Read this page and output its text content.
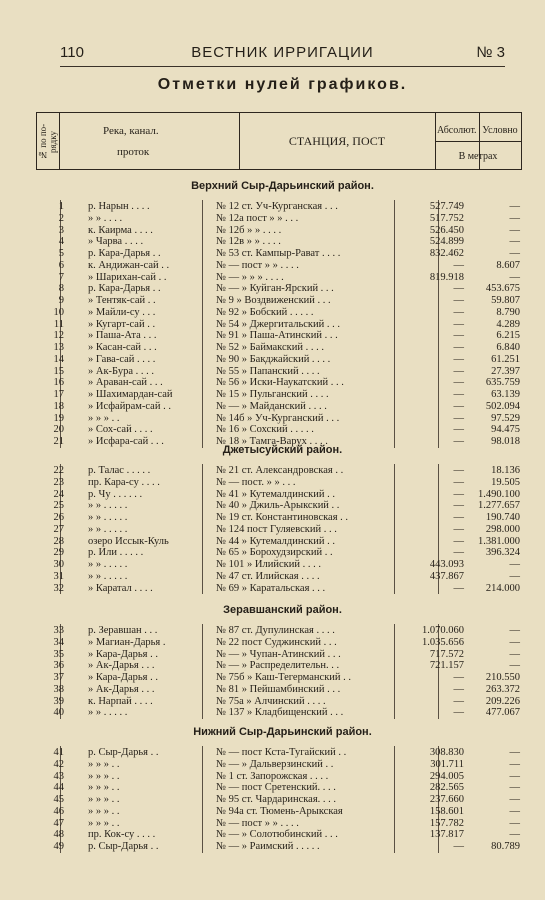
110	ВЕСТНИК ИРРИГАЦИИ	№ 3
Отметки нулей графиков.
№ по по- рядку
Река, канал.
проток
СТАНЦИЯ, ПОСТ
Абсолют. Условно
В метрах
Верхний Сыр-Дарьинский район.
1 р. Нарын . . . .	№ 12 ст. Уч-Курганская . . .	527.749	—
2 » » . . . .	№ 12а пост » » . . .	517.752	—
3 к. Каирма . . . .	№ 12б » » . . . .	526.450	—
4 » Чарва . . . .	№ 12в » » . . . .	524.899	—
5 р. Кара-Дарья . .	№ 53 ст. Кампыр-Рават . . . .	832.462	—
6 к. Андижан-сай . .	№ — пост » » . . . .	—	8.607
7 » Шарихан-сай . .	№ — » » » . . . .	819.918	—
8 р. Кара-Дарья . .	№ — » Куйган-Ярский . . .	—	453.675
9 » Тентяк-сай . .	№ 9 » Воздвиженский . . .	—	59.807
10 » Майли-су . . .	№ 92 » Бобский . . . . .	—	8.790
11 » Кугарт-сай . .	№ 54 » Джергитальский . . .	—	4.289
12 » Паша-Ата . . .	№ 91 » Паша-Атинский . . .	—	6.215
13 » Касан-сай . . .	№ 52 » Баймакский . . . .	—	6.840
14 » Гава-сай . . . .	№ 90 » Бакджайский . . . .	—	61.251
15 » Ак-Бура . . . .	№ 55 » Папанский . . . .	—	27.397
16 » Араван-сай . . .	№ 56 » Иски-Наукатский . . .	—	635.759
17 » Шахимардан-сай	№ 15 » Пульганский . . . .	—	63.139
18 » Исфайрам-сай . .	№ — » Майданский . . . .	—	502.094
19 » » » . .	№ 14б » Уч-Курганский . . .	—	97.529
20 » Сох-сай . . . .	№ 16 » Сохский . . . . .	—	94.475
21 » Исфара-сай . . .	№ 18 » Тамга-Варух . . . .	—	98.018
Джетысуйский район.
22 р. Талас . . . . .	№ 21 ст. Александровская . .	—	18.136
23 пр. Кара-су . . . .	№ — пост. » » . . .	—	19.505
24 р. Чу . . . . . .	№ 41 » Кутемалдинский . .	—	1.490.100
25 » » . . . . .	№ 40 » Джиль-Арыкский . .	—	1.277.657
26 » » . . . . .	№ 19 ст. Константиновская . .	—	190.740
27 » » . . . . .	№ 124 пост Гуляевский . . .	—	298.000
28 озеро Иссык-Куль	№ 44 » Кутемалдинский . .	—	1.381.000
29 р. Или . . . . .	№ 65 » Борохудзирский . .	—	396.324
30 » » . . . . .	№ 101 » Илийский . . . .	443.093	—
31 » » . . . . .	№ 47 ст. Илийская . . . .	437.867	—
32 » Каратал . . . .	№ 69 » Каратальская . . .	—	214.000
Зеравшанский район.
33 р. Зеравшан . . .	№ 87 ст. Дупулинская . . . .	1.070.060	—
34 » Магиан-Дарья .	№ 22 пост Суджинский . . .	1.035.656	—
35 » Кара-Дарья . .	№ — » Чупан-Атинский . . .	717.572	—
36 » Ак-Дарья . . .	№ — » Распределительн. . .	721.157	—
37 » Кара-Дарья . .	№ 75б » Каш-Тегерманский . .	—	210.550
38 » Ак-Дарья . . .	№ 81 » Пейшамбинский . . .	—	263.372
39 к. Нарпай . . . .	№ 75а » Алчинский . . . .	—	209.226
40 » » . . . . .	№ 137 » Кладбищенский . . .	—	477.067
Нижний Сыр-Дарьинский район.
41 р. Сыр-Дарья . .	№ — пост Кста-Тугайский . .	308.830	—
42 » » » . .	№ — » Дальверзинский . .	301.711	—
43 » » » . .	№ 1 ст. Запорожская . . . .	294.005	—
44 » » » . .	№ — пост Сретенский. . . .	282.565	—
45 » » » . .	№ 95 ст. Чардаринская. . . .	237.660	—
46 » » » . .	№ 94а ст. Тюмень-Арыкская	158.601	—
47 » » » . .	№ — пост » » . . . .	157.782	—
48 пр. Кок-су . . . .	№ — » Солотюбинский . . .	137.817	—
49 р. Сыр-Дарья . .	№ — » Раимский . . . . .	—	80.789
